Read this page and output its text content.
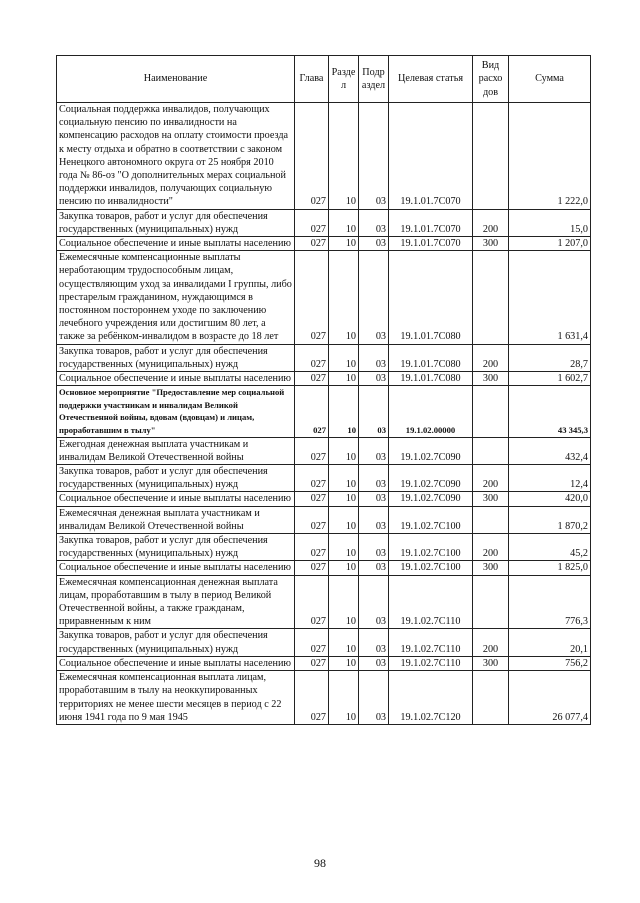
Наименование	Глава	Разде л	Подр аздел	Целевая статья	Вид расхо дов	Сумма
Социальная поддержка инвалидов, получающих социальную пенсию по инвалидности на компенсацию расходов на оплату стоимости проезда к месту отдыха и обратно в соответствии с законом Ненецкого автономного округа от 25 ноября 2010 года № 86-оз "О дополнительных мерах социальной поддержки инвалидов, получающих социальную пенсию по инвалидности"	027	10	03	19.1.01.7C070		1 222,0
Закупка товаров, работ и услуг для обеспечения государственных (муниципальных) нужд	027	10	03	19.1.01.7C070	200	15,0
Социальное обеспечение и иные выплаты населению	027	10	03	19.1.01.7C070	300	1 207,0
Ежемесячные компенсационные выплаты неработающим трудоспособным лицам, осуществляющим уход за инвалидами I группы, либо престарелым гражданином, нуждающимся в постоянном постороннем уходе по заключению лечебного учреждения или достигшим 80 лет, а также за ребёнком-инвалидом в возрасте до 18 лет	027	10	03	19.1.01.7C080		1 631,4
Закупка товаров, работ и услуг для обеспечения государственных (муниципальных) нужд	027	10	03	19.1.01.7C080	200	28,7
Социальное обеспечение и иные выплаты населению	027	10	03	19.1.01.7C080	300	1 602,7
Основное мероприятие "Предоставление мер социальной поддержки участникам и инвалидам Великой Отечественной войны, вдовам (вдовцам) и лицам, проработавшим в тылу"	027	10	03	19.1.02.00000		43 345,3
Ежегодная денежная выплата участникам и инвалидам Великой Отечественной войны	027	10	03	19.1.02.7C090		432,4
Закупка товаров, работ и услуг для обеспечения государственных (муниципальных) нужд	027	10	03	19.1.02.7C090	200	12,4
Социальное обеспечение и иные выплаты населению	027	10	03	19.1.02.7C090	300	420,0
Ежемесячная денежная выплата участникам и инвалидам Великой Отечественной войны	027	10	03	19.1.02.7C100		1 870,2
Закупка товаров, работ и услуг для обеспечения государственных (муниципальных) нужд	027	10	03	19.1.02.7C100	200	45,2
Социальное обеспечение и иные выплаты населению	027	10	03	19.1.02.7C100	300	1 825,0
Ежемесячная компенсационная денежная выплата лицам, проработавшим в тылу в период Великой Отечественной войны, а также гражданам, приравненным к ним	027	10	03	19.1.02.7C110		776,3
Закупка товаров, работ и услуг для обеспечения государственных (муниципальных) нужд	027	10	03	19.1.02.7C110	200	20,1
Социальное обеспечение и иные выплаты населению	027	10	03	19.1.02.7C110	300	756,2
Ежемесячная компенсационная выплата лицам, проработавшим в тылу на неоккупированных территориях не менее шести месяцев в период с 22 июня 1941 года по 9 мая 1945	027	10	03	19.1.02.7C120		26 077,4
98
